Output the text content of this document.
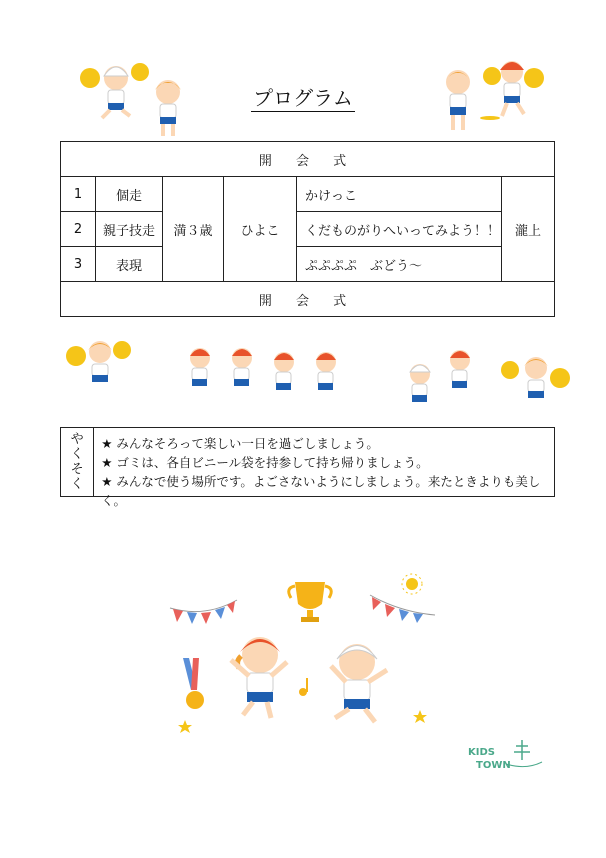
プログラム
開 会 式					
1	個走	満３歳	ひよこ	かけっこ	瀧上
2	親子技走			くだものがりへいってみよう！！	
3	表現			ぷぷぷぷ　ぶどう〜	
開 会 式					
や
く
そ
く
★ みんなそろって楽しい一日を過ごしましょう。
★ ゴミは、各自ビニール袋を持参して持ち帰りましょう。
★ みんなで使う場所です。よごさないようにしましょう。来たときよりも美しく。
KIDS
TOWN
